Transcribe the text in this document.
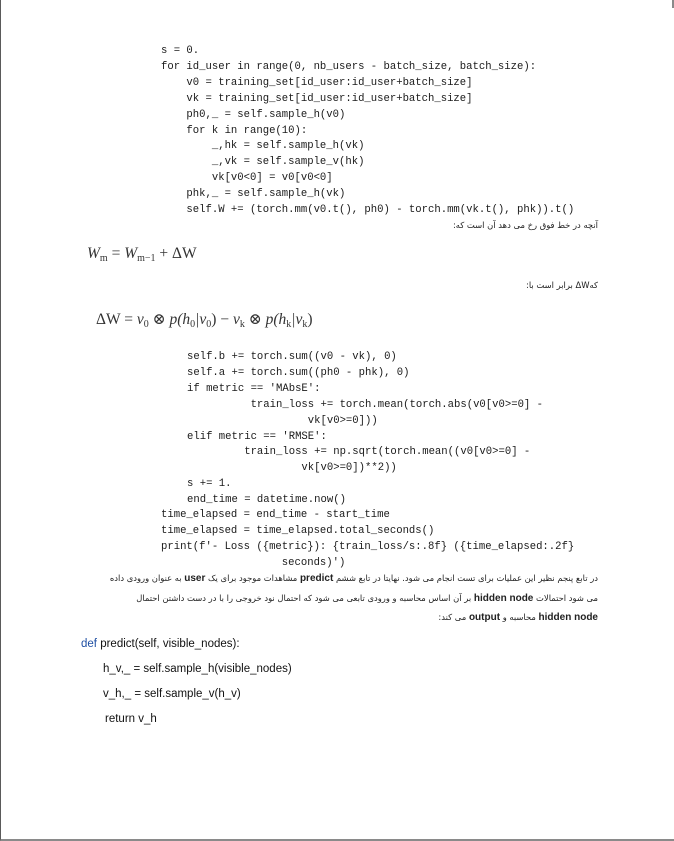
s = 0.
for id_user in range(0, nb_users - batch_size, batch_size):
v0 = training_set[id_user:id_user+batch_size]
vk = training_set[id_user:id_user+batch_size]
ph0,_ = self.sample_h(v0)
for k in range(10):
_,hk = self.sample_h(vk)
_,vk = self.sample_v(hk)
vk[v0<0] = v0[v0<0]
phk,_ = self.sample_h(vk)
self.W += (torch.mm(v0.t(), ph0) - torch.mm(vk.t(), phk)).t()
آنچه در خط فوق رخ می دهد آن است که:
$W_m = W_{m-1} + \Delta W$
کهΔW برابر است با:
$\Delta W = v_0$ ⊗ $p(h_0|v_0) - v_k$ ⊗ $p(h_k|v_k)$
self.b += torch.sum((v0 - vk), 0)
self.a += torch.sum((ph0 - phk), 0)
if metric == 'MAbsE':
train_loss += torch.mean(torch.abs(v0[v0>=0] -
vk[v0>=0]))
elif metric == 'RMSE':
train_loss += np.sqrt(torch.mean((v0[v0>=0] -
vk[v0>=0])**2))
s += 1.
end_time = datetime.now()
time_elapsed = end_time - start_time
time_elapsed = time_elapsed.total_seconds()
print(f'- Loss ({metric}): {train_loss/s:.8f} ({time_elapsed:.2f}
seconds)')
در تابع پنجم نظیر این عملیات برای تست انجام می شود. نهایتا در تابع ششم predict مشاهدات موجود برای یک user به عنوان ورودی داده
می شود احتمالات hidden node بر آن اساس محاسبه و ورودی تابعی می شود که احتمال نود خروجی را با در دست داشتن احتمال
hidden node محاسبه و output می کند:
def predict(self, visible_nodes):
h_v,_ = self.sample_h(visible_nodes)
v_h,_ = self.sample_v(h_v)
return v_h
